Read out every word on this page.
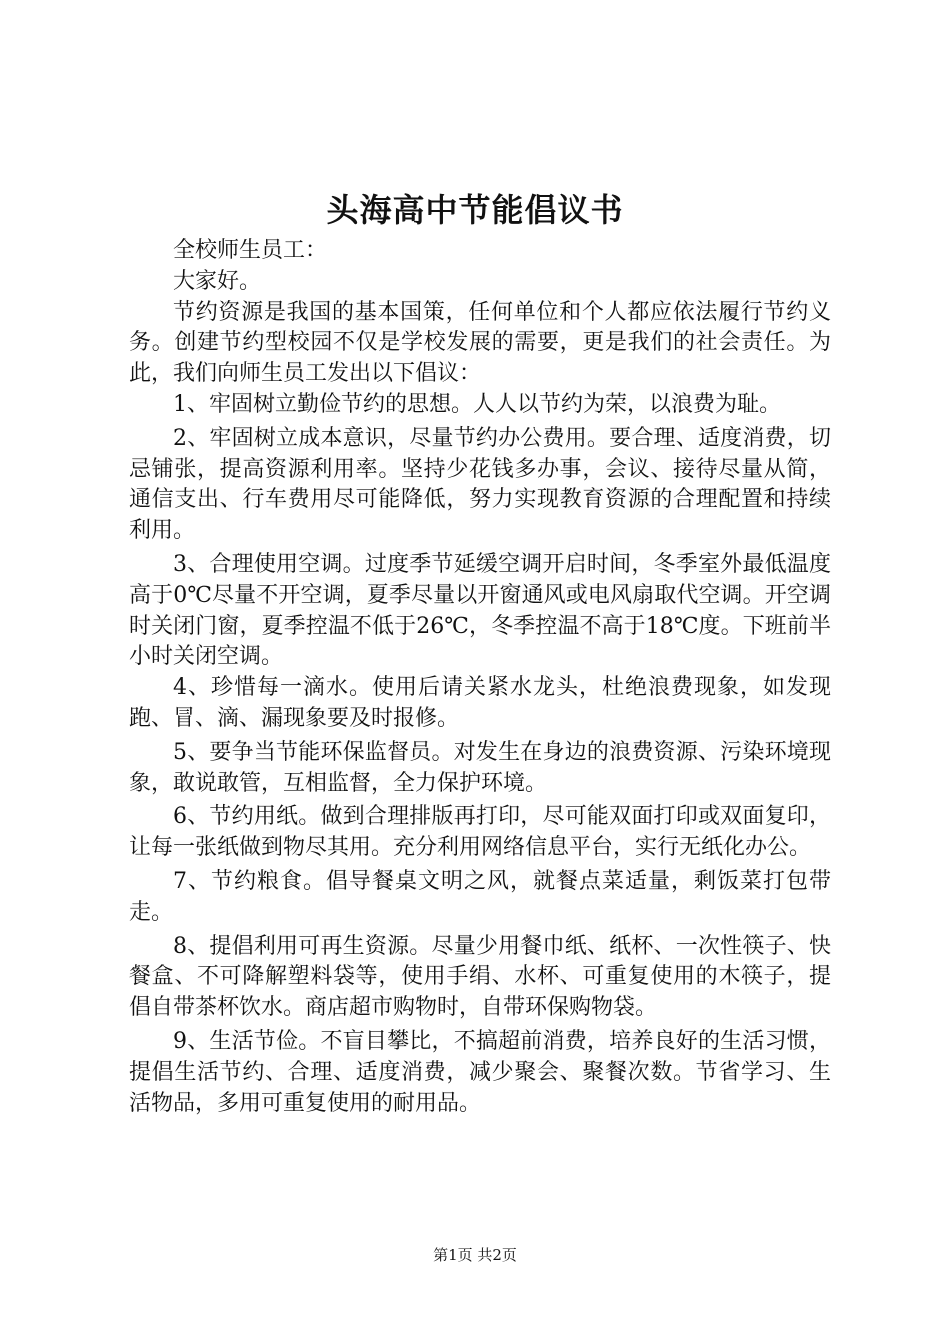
头海高中节能倡议书

全校师生员工：

大家好。

节约资源是我国的基本国策，任何单位和个人都应依法履行节约义务。创建节约型校园不仅是学校发展的需要，更是我们的社会责任。为此，我们向师生员工发出以下倡议：

1、牢固树立勤俭节约的思想。人人以节约为荣，以浪费为耻。

2、牢固树立成本意识，尽量节约办公费用。要合理、适度消费，切忌铺张，提高资源利用率。坚持少花钱多办事，会议、接待尽量从简，通信支出、行车费用尽可能降低，努力实现教育资源的合理配置和持续利用。

3、合理使用空调。过度季节延缓空调开启时间，冬季室外最低温度高于0℃尽量不开空调，夏季尽量以开窗通风或电风扇取代空调。开空调时关闭门窗，夏季控温不低于26℃，冬季控温不高于18℃度。下班前半小时关闭空调。

4、珍惜每一滴水。使用后请关紧水龙头，杜绝浪费现象，如发现跑、冒、滴、漏现象要及时报修。

5、要争当节能环保监督员。对发生在身边的浪费资源、污染环境现象，敢说敢管，互相监督，全力保护环境。

6、节约用纸。做到合理排版再打印，尽可能双面打印或双面复印，让每一张纸做到物尽其用。充分利用网络信息平台，实行无纸化办公。

7、节约粮食。倡导餐桌文明之风，就餐点菜适量，剩饭菜打包带走。

8、提倡利用可再生资源。尽量少用餐巾纸、纸杯、一次性筷子、快餐盒、不可降解塑料袋等，使用手绢、水杯、可重复使用的木筷子，提倡自带茶杯饮水。商店超市购物时，自带环保购物袋。

9、生活节俭。不盲目攀比，不搞超前消费，培养良好的生活习惯，提倡生活节约、合理、适度消费，减少聚会、聚餐次数。节省学习、生活物品，多用可重复使用的耐用品。

第1页 共2页
